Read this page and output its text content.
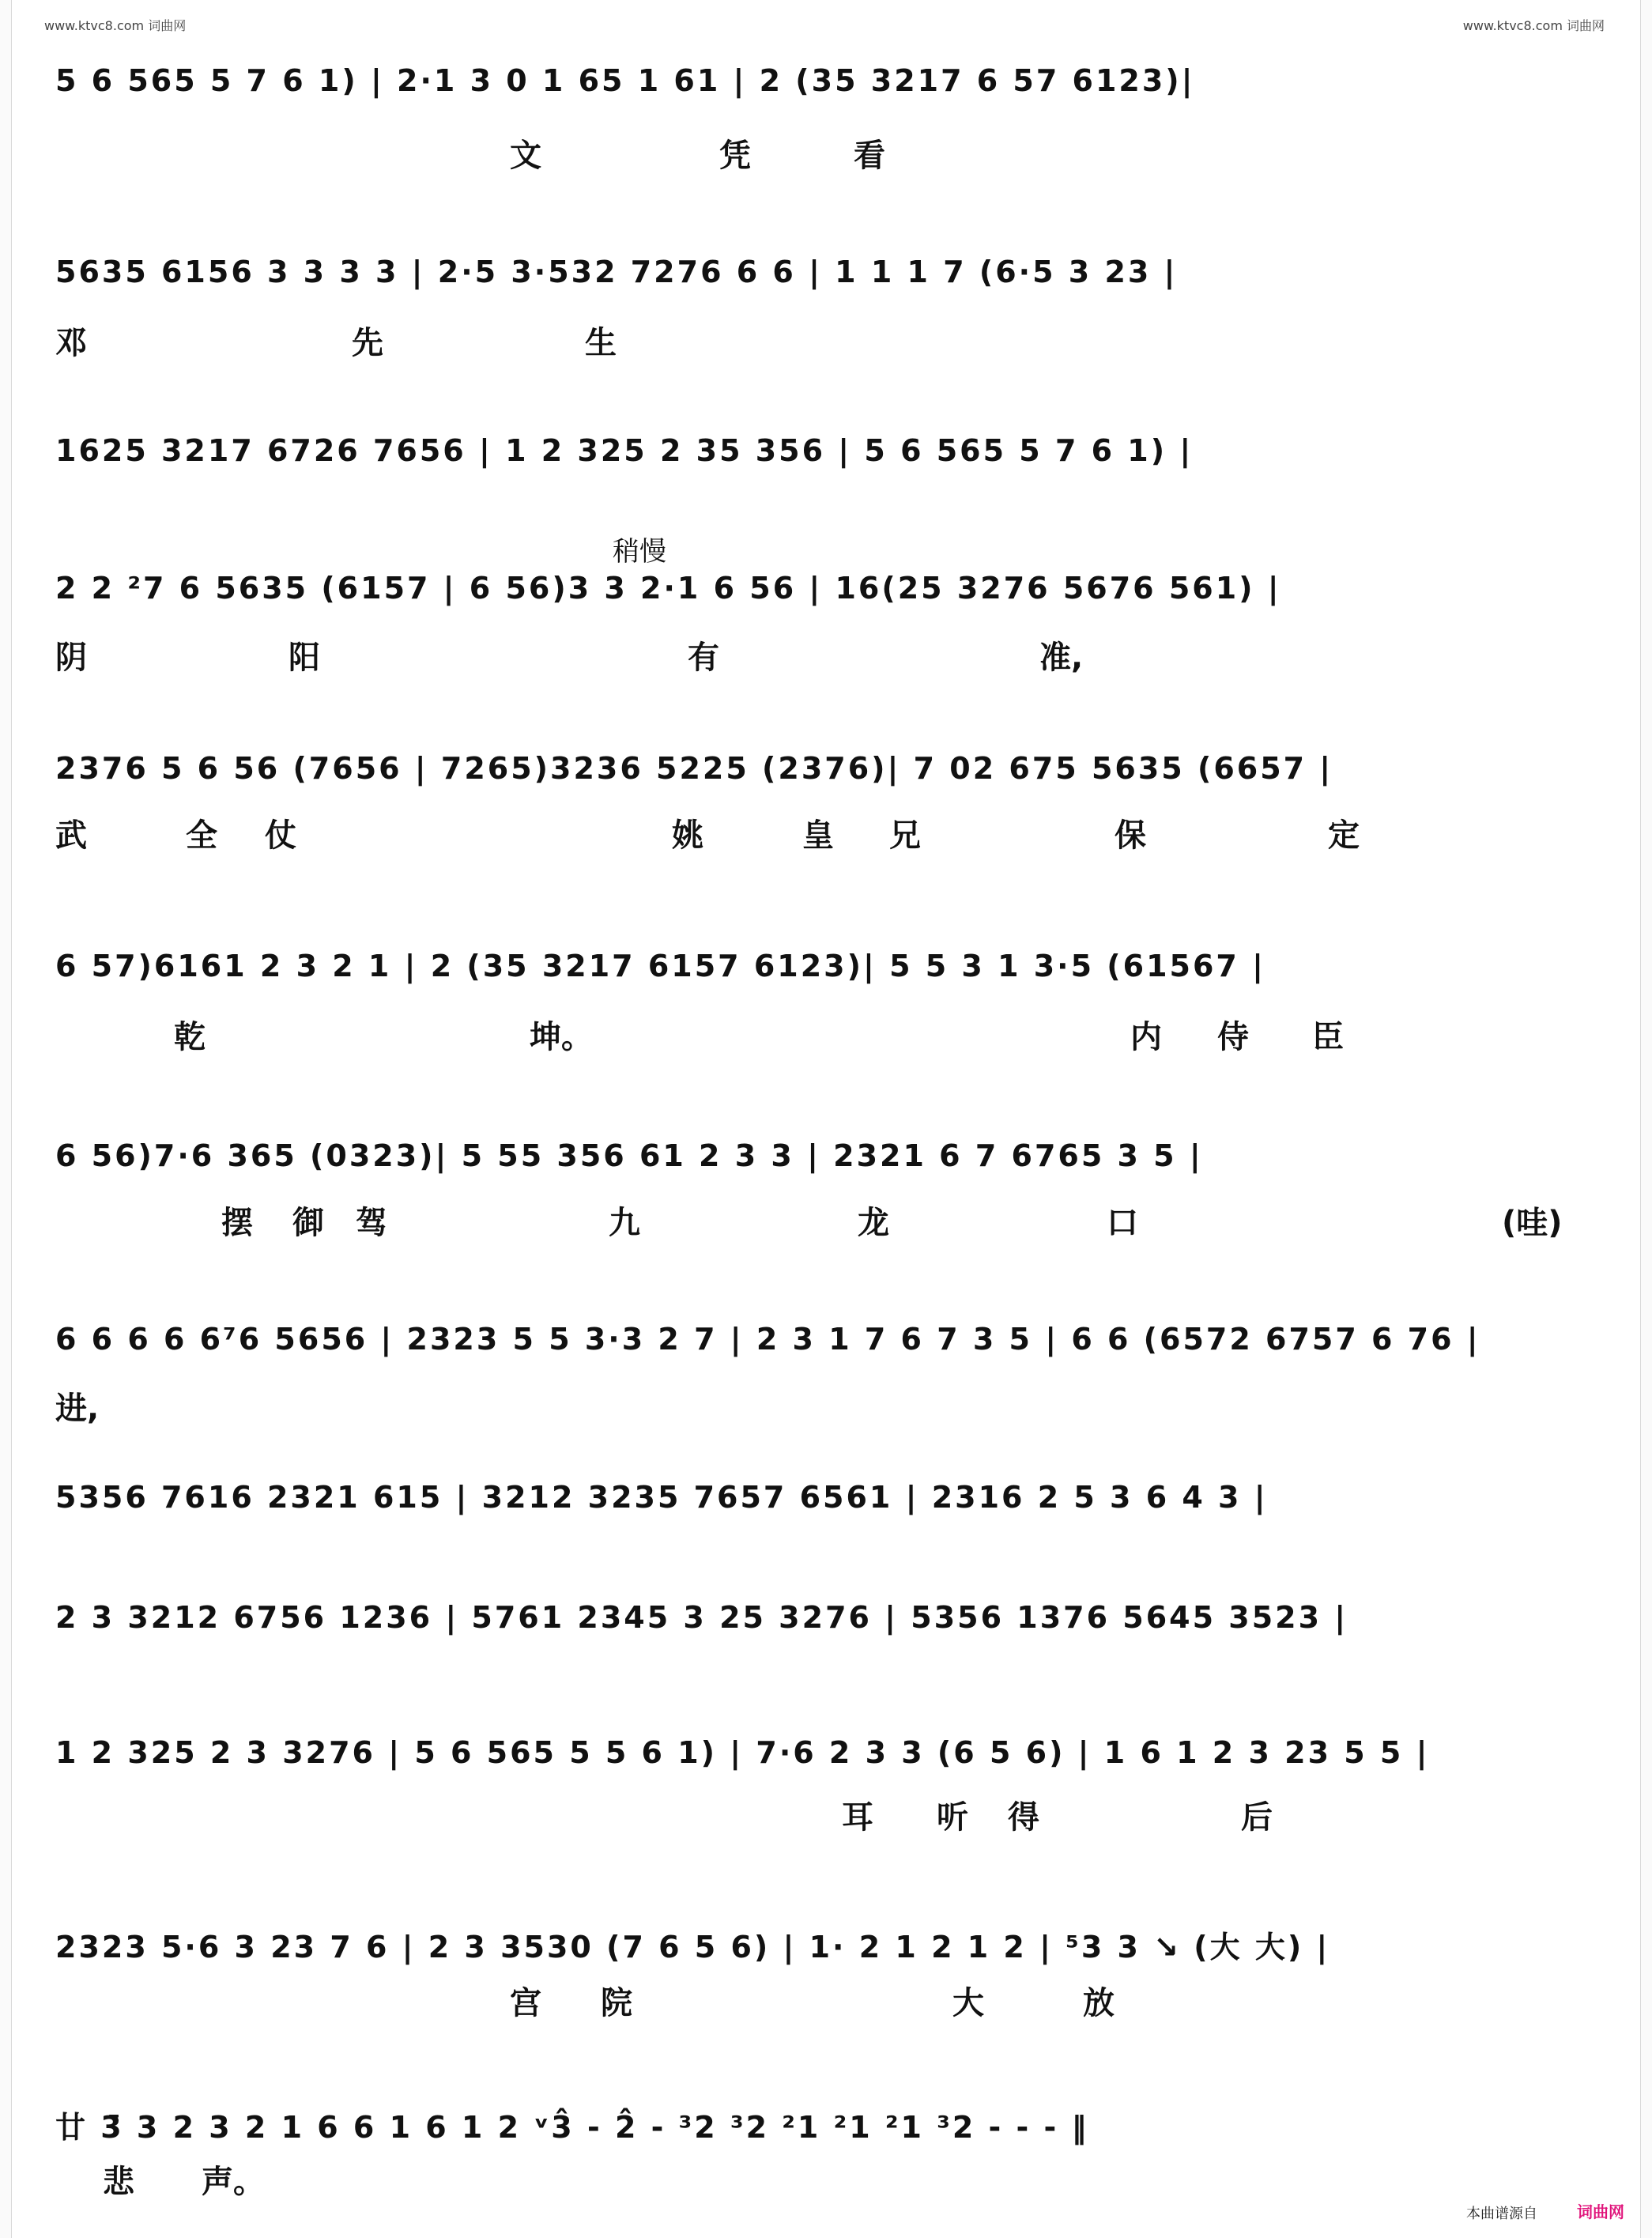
www.ktvc8.com 词曲网	www.ktvc8.com 词曲网
5 6 565 5 7 6 1) | 2·1 3 0 1 65 1 61 | 2 (35 3217 6 57 6123)|
文	凭	看
5635 6156 3 3 3 3 | 2·5 3·532 7276 6 6 | 1 1 1 7 (6·5 3 23 |
邓	先	生
1625 3217 6726 7656 | 1 2 325 2 35 356 | 5 6 565 5 7 6 1) |
稍慢
2 2 ²7 6 5635 (6157 | 6 56)3 3 2·1 6 56 | 16(25 3276 5676 561) |
阴	阳	有	准,
2376 5 6 56 (7656 | 7265)3236 5225 (2376)| 7 02 675 5635 (6657 |
武	全 仗	姚	皇 兄	保	定
6 57)6161 2 3 2 1 | 2 (35 3217 6157 6123)| 5 5 3 1 3·5 (61567 |
乾	坤。	内 侍 臣
6 56)7·6 365 (0323)| 5 55 356 61 2 3 3 | 2321 6 7 6765 3 5 |
摆 御 驾	九	龙	口	(哇)
6 6 6 6 6⁷6 5656 | 2323 5 5 3·3 2 7 | 2 3 1 7 6 7 3 5 | 6 6 (6572 6757 6 76 |
进,
5356 7616 2321 615 | 3212 3235 7657 6561 | 2316 2 5 3 6 4 3 |
2 3 3212 6756 1236 | 5761 2345 3 25 3276 | 5356 1376 5645 3523 |
1 2 325 2 3 3276 | 5 6 565 5 5 6 1) | 7·6 2 3 3 (6 5 6) | 1 6 1 2 3 23 5 5 |
耳 听 得	后
2323 5·6 3 23 7 6 | 2 3 3530 (7 6 5 6) | 1· 2 1 2 1 2 | ⁵3 3 ↘ (大 大) |
宫 院	大	放
廿 3̄ 3 2 3 2 1 6 6 1 6 1 2 ᵛ3̂ - 2̂ - ³2 ³2 ²1 ²1 ²1 ³2 - - - ‖
悲 声。
本曲谱源自	词曲网
